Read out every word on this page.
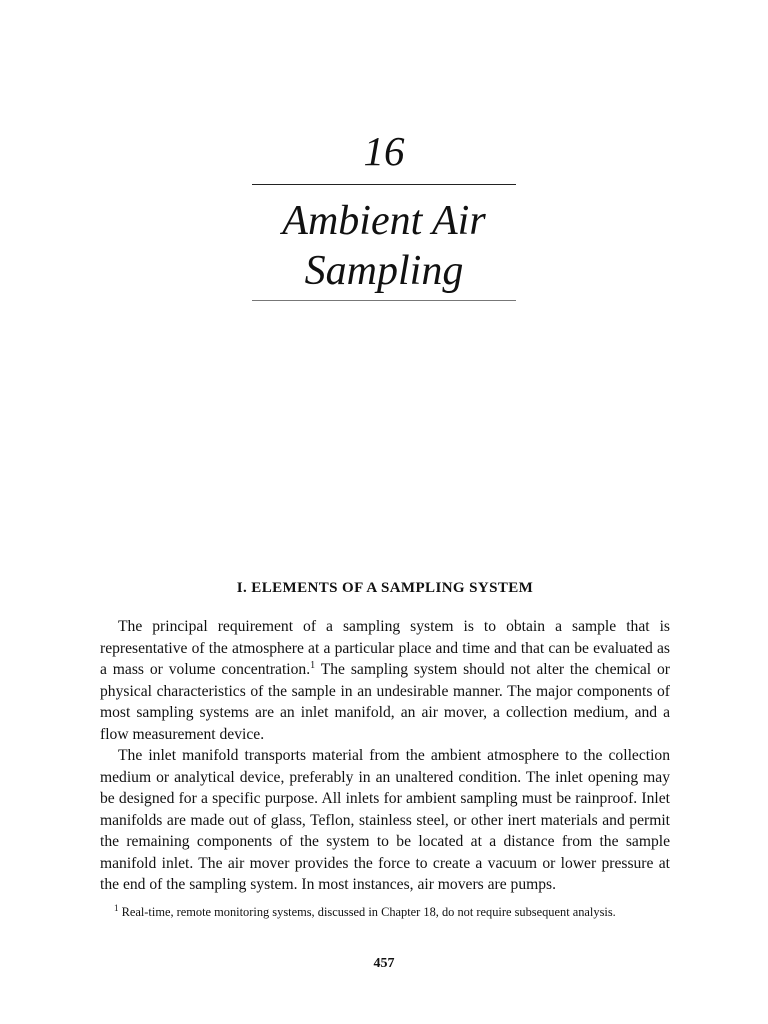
16
Ambient Air
Sampling
I. ELEMENTS OF A SAMPLING SYSTEM

The principal requirement of a sampling system is to obtain a sample that is representative of the atmosphere at a particular place and time and that can be evaluated as a mass or volume concentration.$^1$ The sampling system should not alter the chemical or physical characteristics of the sample in an undesirable manner. The major components of most sampling systems are an inlet manifold, an air mover, a collection medium, and a flow measurement device.

The inlet manifold transports material from the ambient atmosphere to the collection medium or analytical device, preferably in an unaltered condition. The inlet opening may be designed for a specific purpose. All inlets for ambient sampling must be rainproof. Inlet manifolds are made out of glass, Teflon, stainless steel, or other inert materials and permit the remaining components of the system to be located at a distance from the sample manifold inlet. The air mover provides the force to create a vacuum or lower pressure at the end of the sampling system. In most instances, air movers are pumps.

$^1$ Real-time, remote monitoring systems, discussed in Chapter 18, do not require subsequent analysis.

457
